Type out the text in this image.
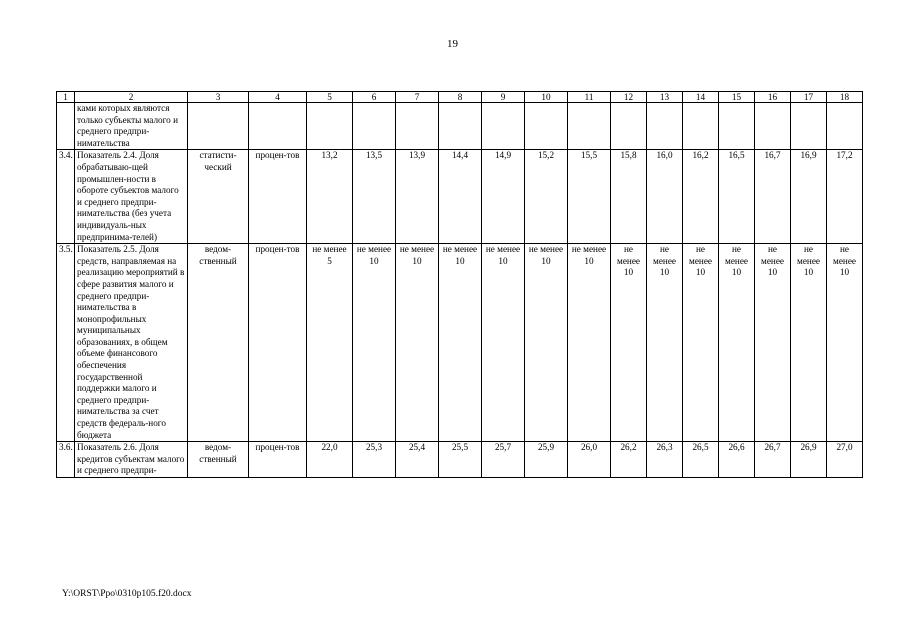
19
1	2	3	4	5	6	7	8	9	10	11	12	13	14	15	16	17	18
	ками которых являются только субъекты малого и среднего предпри-нимательства																
3.4.	Показатель 2.4. Доля обрабатываю-щей промышлен-ности в обороте субъектов малого и среднего предпри-нимательства (без учета индивидуаль-ных предпринима-телей)	статисти-ческий	процен-тов	13,2	13,5	13,9	14,4	14,9	15,2	15,5	15,8	16,0	16,2	16,5	16,7	16,9	17,2
3.5.	Показатель 2.5. Доля средств, направляемая на реализацию мероприятий в сфере развития малого и среднего предпри-нимательства в монопрофильных муниципальных образованиях, в общем объеме финансового обеспечения государственной поддержки малого и среднего предпри-нимательства за счет средств федераль-ного бюджета	ведом-ственный	процен-тов	не менее 5	не менее 10	не менее 10	не менее 10	не менее 10	не менее 10	не менее 10	не менее 10	не менее 10	не менее 10	не менее 10	не менее 10	не менее 10	не менее 10
3.6.	Показатель 2.6. Доля кредитов субъектам малого и среднего предпри-	ведом-ственный	процен-тов	22,0	25,3	25,4	25,5	25,7	25,9	26,0	26,2	26,3	26,5	26,6	26,7	26,9	27,0
Y:\ORST\Ppo\0310p105.f20.docx
